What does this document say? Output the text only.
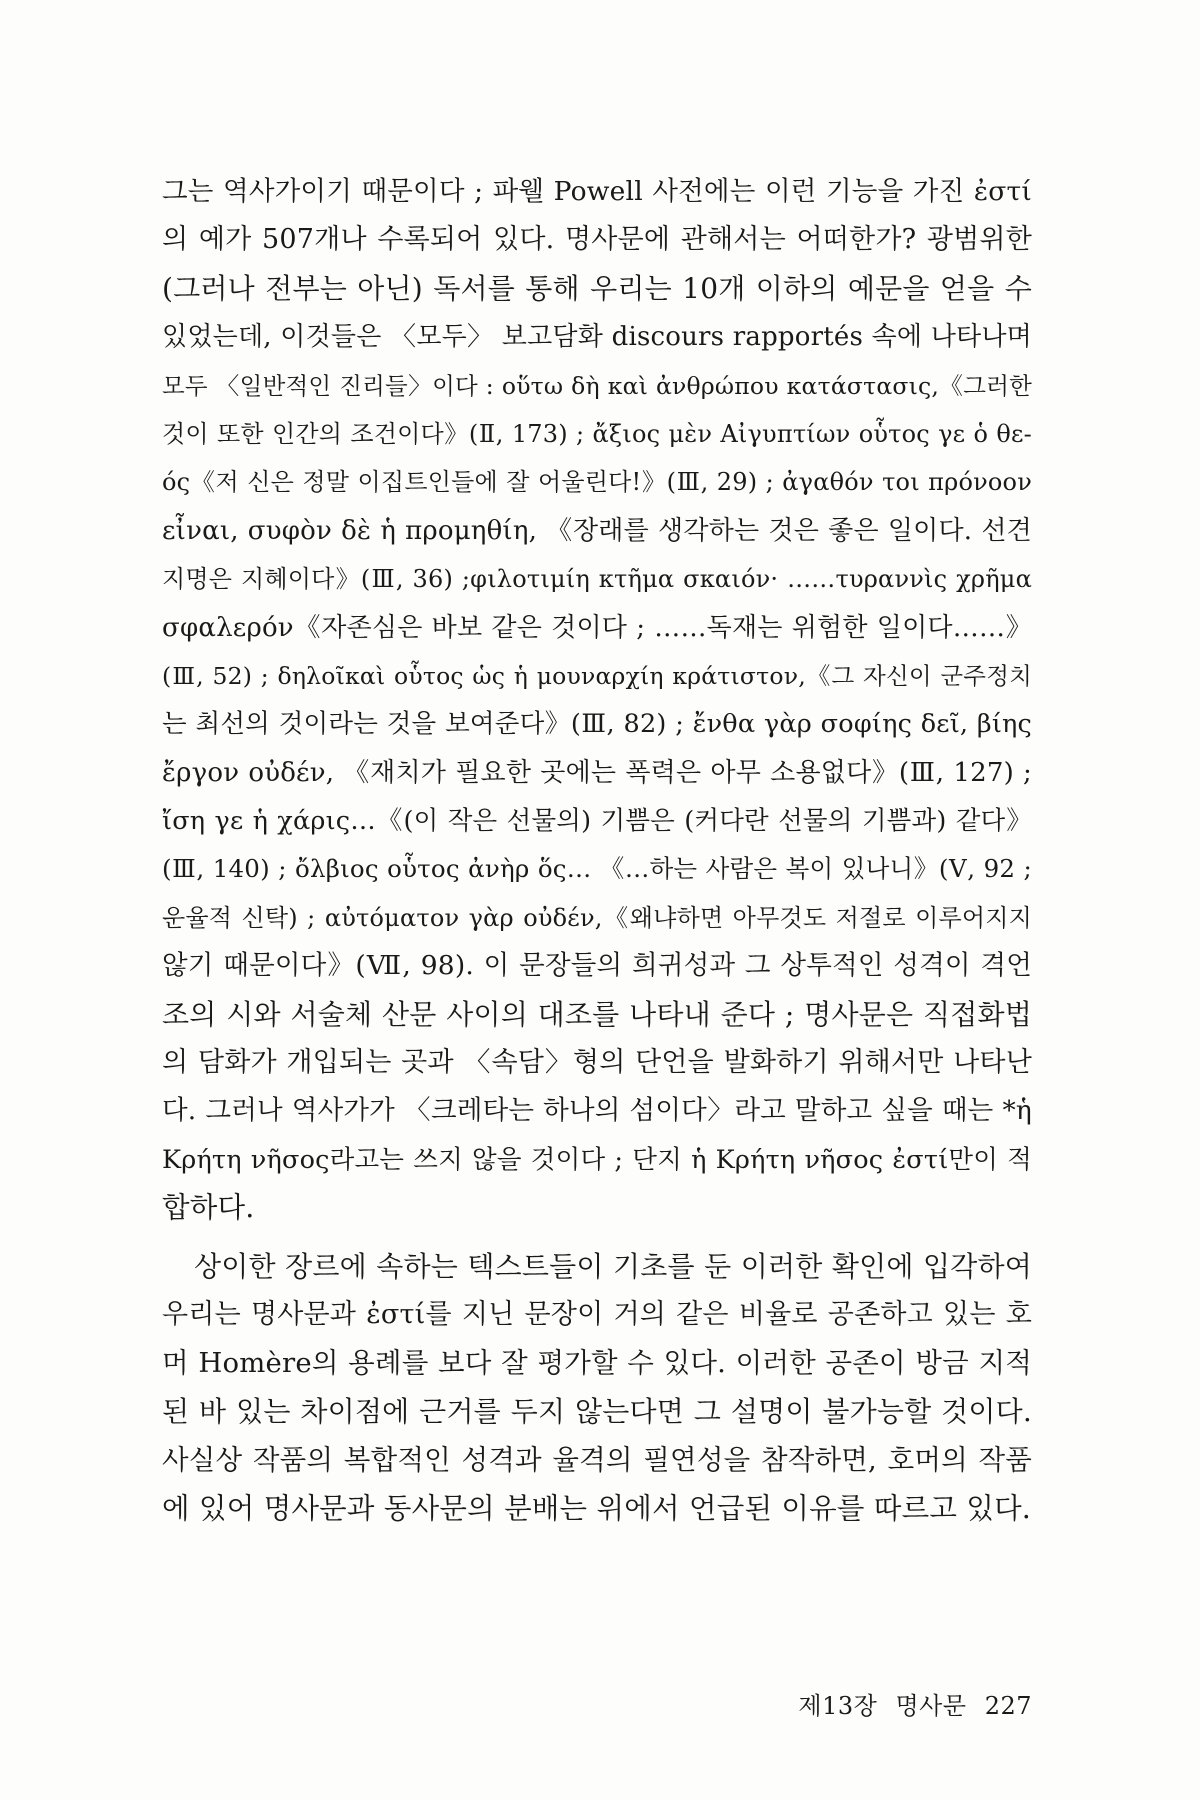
그는 역사가이기 때문이다 ; 파웰 Powell 사전에는 이런 기능을 가진 ἐστί
의 예가 507개나 수록되어 있다. 명사문에 관해서는 어떠한가? 광범위한
(그러나 전부는 아닌) 독서를 통해 우리는 10개 이하의 예문을 얻을 수
있었는데, 이것들은 〈모두〉 보고담화 discours rapportés 속에 나타나며
모두 〈일반적인 진리들〉이다 : οὕτω δὴ καὶ ἀνθρώπου κατάστασις,《그러한
것이 또한 인간의 조건이다》(Ⅱ, 173) ; ἄξιος μὲν Αἰγυπτίων οὗτος γε ὁ θε-
ός《저 신은 정말 이집트인들에 잘 어울린다!》(Ⅲ, 29) ; ἀγαθόν τοι πρόνοον
εἶναι, συφὸν δὲ ἡ προμηθίη, 《장래를 생각하는 것은 좋은 일이다. 선견
지명은 지혜이다》(Ⅲ, 36) ;φιλοτιμίη κτῆμα σκαιόν· ……τυραννὶς χρῆμα
σφαλερόν《자존심은 바보 같은 것이다 ; ……독재는 위험한 일이다……》
(Ⅲ, 52) ; δηλοῖκαὶ οὗτος ὡς ἡ μουναρχίη κράτιστον,《그 자신이 군주정치
는 최선의 것이라는 것을 보여준다》(Ⅲ, 82) ; ἔνθα γὰρ σοφίης δεῖ, βίης
ἔργον οὐδέν, 《재치가 필요한 곳에는 폭력은 아무 소용없다》(Ⅲ, 127) ;
ἴση γε ἡ χάρις…《(이 작은 선물의) 기쁨은 (커다란 선물의 기쁨과) 같다》
(Ⅲ, 140) ; ὄλβιος οὗτος ἀνὴρ ὅς… 《…하는 사람은 복이 있나니》(Ⅴ, 92 ;
운율적 신탁) ; αὐτόματον γὰρ οὐδέν,《왜냐하면 아무것도 저절로 이루어지지
않기 때문이다》(Ⅶ, 98). 이 문장들의 희귀성과 그 상투적인 성격이 격언
조의 시와 서술체 산문 사이의 대조를 나타내 준다 ; 명사문은 직접화법
의 담화가 개입되는 곳과 〈속담〉형의 단언을 발화하기 위해서만 나타난
다. 그러나 역사가가 〈크레타는 하나의 섬이다〉라고 말하고 싶을 때는 *ἡ
Κρήτη νῆσος라고는 쓰지 않을 것이다 ; 단지 ἡ Κρήτη νῆσος ἐστί만이 적
합하다.
상이한 장르에 속하는 텍스트들이 기초를 둔 이러한 확인에 입각하여
우리는 명사문과 ἐστί를 지닌 문장이 거의 같은 비율로 공존하고 있는 호
머 Homère의 용례를 보다 잘 평가할 수 있다. 이러한 공존이 방금 지적
된 바 있는 차이점에 근거를 두지 않는다면 그 설명이 불가능할 것이다.
사실상 작품의 복합적인 성격과 율격의 필연성을 참작하면, 호머의 작품
에 있어 명사문과 동사문의 분배는 위에서 언급된 이유를 따르고 있다.
제13장 명사문 227
